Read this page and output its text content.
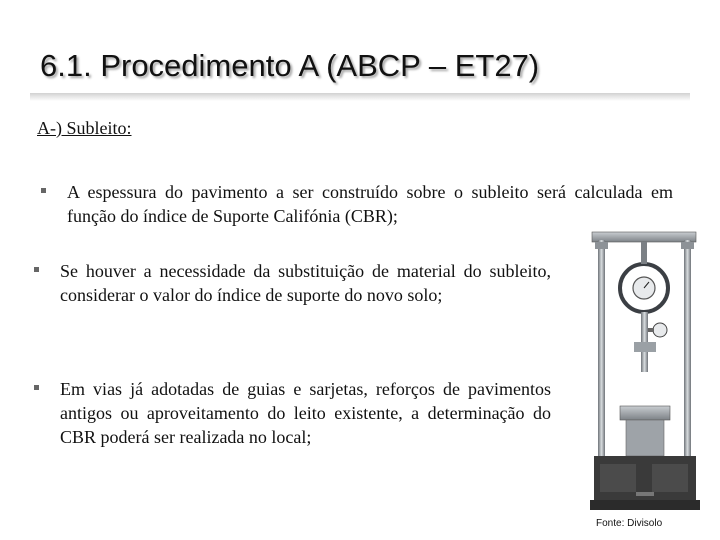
6.1. Procedimento A (ABCP – ET27)
A-) Subleito:
A espessura do pavimento a ser construído sobre o subleito será calculada em função do índice de Suporte Califónia (CBR);
Se houver a necessidade da substituição de material do subleito, considerar o valor do índice de suporte do novo solo;
Em vias já adotadas de guias e sarjetas, reforços de pavimentos antigos ou aproveitamento do leito existente, a determinação do CBR poderá ser realizada no local;
Fonte: Divisolo
